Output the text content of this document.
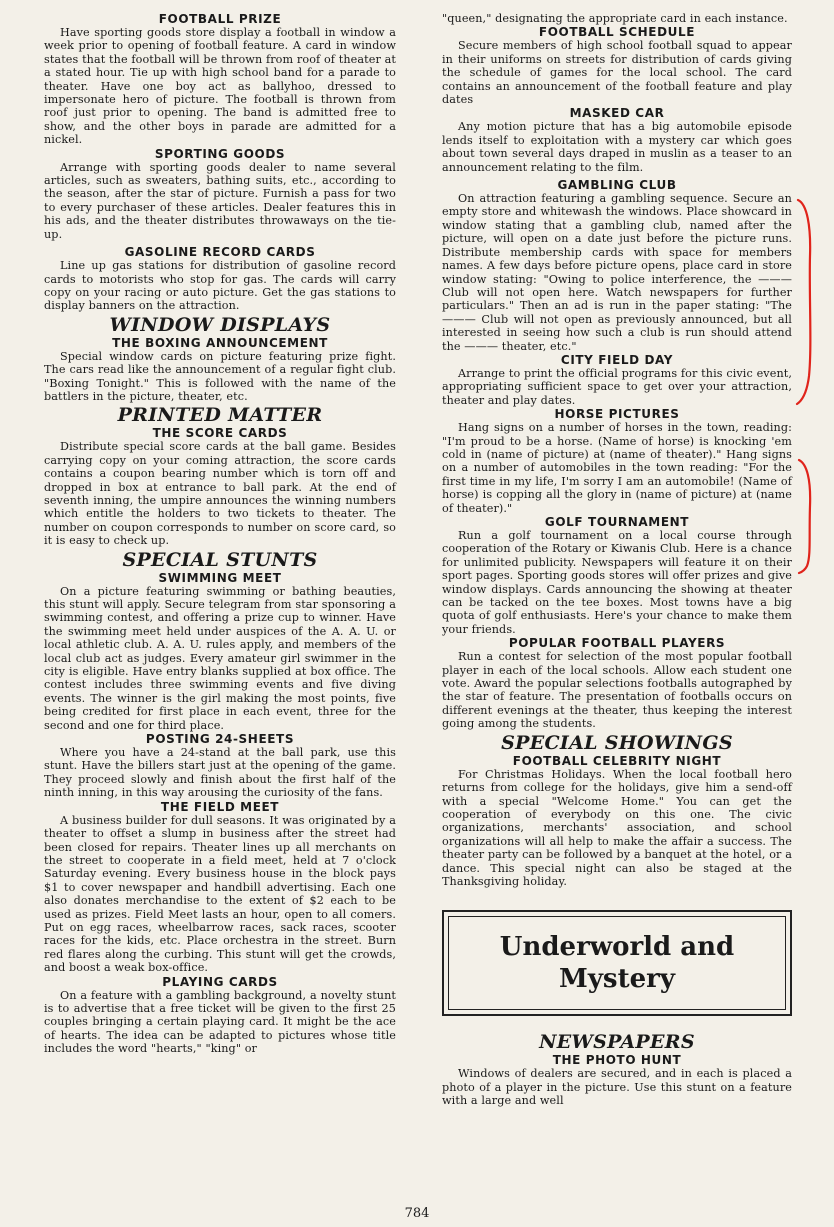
FOOTBALL PRIZE

Have sporting goods store display a football in window a week prior to opening of football feature. A card in window states that the football will be thrown from roof of theater at a stated hour. Tie up with high school band for a parade to theater. Have one boy act as ballyhoo, dressed to impersonate hero of picture. The football is thrown from roof just prior to opening. The band is admitted free to show, and the other boys in parade are admitted for a nickel.

SPORTING GOODS

Arrange with sporting goods dealer to name several articles, such as sweaters, bathing suits, etc., according to the season, after the star of picture. Furnish a pass for two to every purchaser of these articles. Dealer features this in his ads, and the theater distributes throwaways on the tie-up.

GASOLINE RECORD CARDS

Line up gas stations for distribution of gasoline record cards to motorists who stop for gas. The cards will carry copy on your racing or auto picture. Get the gas stations to display banners on the attraction.

WINDOW DISPLAYS
THE BOXING ANNOUNCEMENT

Special window cards on picture featuring prize fight. The cars read like the announcement of a regular fight club. "Boxing Tonight." This is followed with the name of the battlers in the picture, theater, etc.

PRINTED MATTER
THE SCORE CARDS

Distribute special score cards at the ball game. Besides carrying copy on your coming attraction, the score cards contains a coupon bearing number which is torn off and dropped in box at entrance to ball park. At the end of seventh inning, the umpire announces the winning numbers which entitle the holders to two tickets to theater. The number on coupon corresponds to number on score card, so it is easy to check up.

SPECIAL STUNTS
SWIMMING MEET

On a picture featuring swimming or bathing beauties, this stunt will apply. Secure telegram from star sponsoring a swimming contest, and offering a prize cup to winner. Have the swimming meet held under auspices of the A. A. U. or local athletic club. A. A. U. rules apply, and members of the local club act as judges. Every amateur girl swimmer in the city is eligible. Have entry blanks supplied at box office. The contest includes three swimming events and five diving events. The winner is the girl making the most points, five being credited for first place in each event, three for the second and one for third place.

POSTING 24-SHEETS

Where you have a 24-stand at the ball park, use this stunt. Have the billers start just at the opening of the game. They proceed slowly and finish about the first half of the ninth inning, in this way arousing the curiosity of the fans.

THE FIELD MEET

A business builder for dull seasons. It was originated by a theater to offset a slump in business after the street had been closed for repairs. Theater lines up all merchants on the street to cooperate in a field meet, held at 7 o'clock Saturday evening. Every business house in the block pays $1 to cover newspaper and handbill advertising. Each one also donates merchandise to the extent of $2 each to be used as prizes. Field Meet lasts an hour, open to all comers. Put on egg races, wheelbarrow races, sack races, scooter races for the kids, etc. Place orchestra in the street. Burn red flares along the curbing. This stunt will get the crowds, and boost a weak box-office.

PLAYING CARDS

On a feature with a gambling background, a novelty stunt is to advertise that a free ticket will be given to the first 25 couples bringing a certain playing card. It might be the ace of hearts. The idea can be adapted to pictures whose title includes the word "hearts," "king" or

"queen," designating the appropriate card in each instance.

FOOTBALL SCHEDULE

Secure members of high school football squad to appear in their uniforms on streets for distribution of cards giving the schedule of games for the local school. The card contains an announcement of the football feature and play dates

MASKED CAR

Any motion picture that has a big automobile episode lends itself to exploitation with a mystery car which goes about town several days draped in muslin as a teaser to an announcement relating to the film.

GAMBLING CLUB

On attraction featuring a gambling sequence. Secure an empty store and whitewash the windows. Place showcard in window stating that a gambling club, named after the picture, will open on a date just before the picture runs. Distribute membership cards with space for members names. A few days before picture opens, place card in store window stating: "Owing to police interference, the ——— Club will not open here. Watch newspapers for further particulars." Then an ad is run in the paper stating: "The ——— Club will not open as previously announced, but all interested in seeing how such a club is run should attend the ——— theater, etc."

CITY FIELD DAY

Arrange to print the official programs for this civic event, appropriating sufficient space to get over your attraction, theater and play dates.

HORSE PICTURES

Hang signs on a number of horses in the town, reading: "I'm proud to be a horse. (Name of horse) is knocking 'em cold in (name of picture) at (name of theater)." Hang signs on a number of automobiles in the town reading: "For the first time in my life, I'm sorry I am an automobile! (Name of horse) is copping all the glory in (name of picture) at (name of theater)."

GOLF TOURNAMENT

Run a golf tournament on a local course through cooperation of the Rotary or Kiwanis Club. Here is a chance for unlimited publicity. Newspapers will feature it on their sport pages. Sporting goods stores will offer prizes and give window displays. Cards announcing the showing at theater can be tacked on the tee boxes. Most towns have a big quota of golf enthusiasts. Here's your chance to make them your friends.

POPULAR FOOTBALL PLAYERS

Run a contest for selection of the most popular football player in each of the local schools. Allow each student one vote. Award the popular selections footballs autographed by the star of feature. The presentation of footballs occurs on different evenings at the theater, thus keeping the interest going among the students.

SPECIAL SHOWINGS
FOOTBALL CELEBRITY NIGHT

For Christmas Holidays. When the local football hero returns from college for the holidays, give him a send-off with a special "Welcome Home." You can get the cooperation of everybody on this one. The civic organizations, merchants' association, and school organizations will all help to make the affair a success. The theater party can be followed by a banquet at the hotel, or a dance. This special night can also be staged at the Thanksgiving holiday.

Underworld and
Mystery
NEWSPAPERS
THE PHOTO HUNT

Windows of dealers are secured, and in each is placed a photo of a player in the picture. Use this stunt on a feature with a large and well

784
